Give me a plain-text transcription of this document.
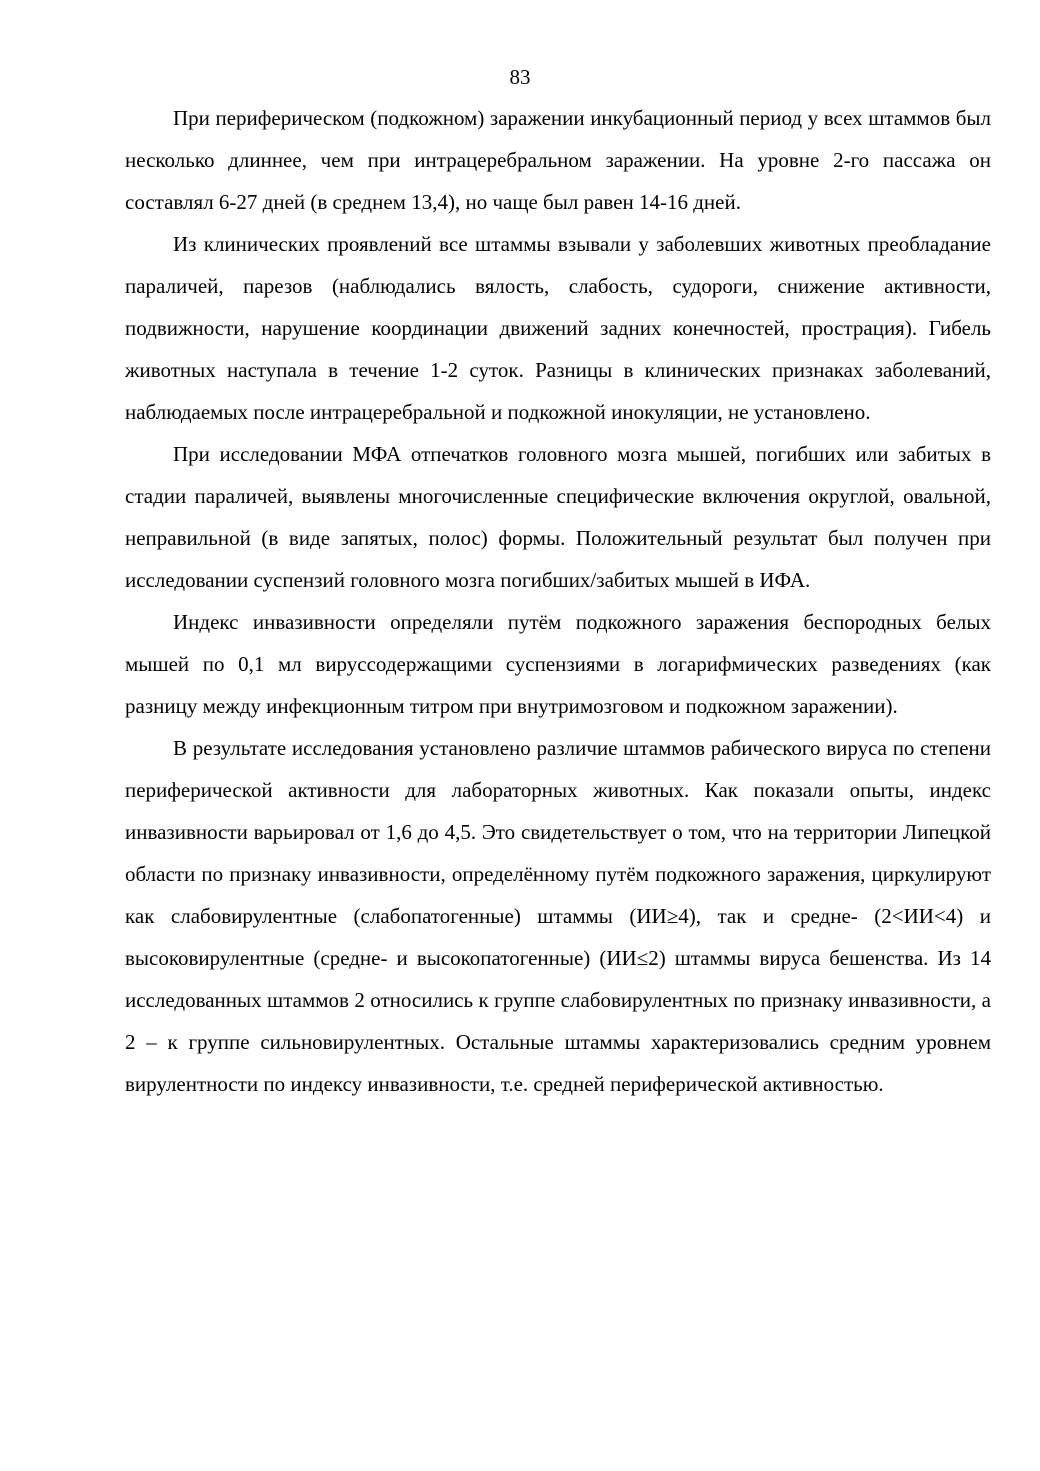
83

При периферическом (подкожном) заражении инкубационный период у всех штаммов был несколько длиннее, чем при интрацеребральном заражении. На уровне 2-го пассажа он составлял 6-27 дней (в среднем 13,4), но чаще был равен 14-16 дней.

Из клинических проявлений все штаммы взывали у заболевших животных преобладание параличей, парезов (наблюдались вялость, слабость, судороги, снижение активности, подвижности, нарушение координации движений задних конечностей, прострация). Гибель животных наступала в течение 1-2 суток. Разницы в клинических признаках заболеваний, наблюдаемых после интрацеребральной и подкожной инокуляции, не установлено.

При исследовании МФА отпечатков головного мозга мышей, погибших или забитых в стадии параличей, выявлены многочисленные специфические включения округлой, овальной, неправильной (в виде запятых, полос) формы. Положительный результат был получен при исследовании суспензий головного мозга погибших/забитых мышей в ИФА.

Индекс инвазивности определяли путём подкожного заражения беспородных белых мышей по 0,1 мл вируссодержащими суспензиями в логарифмических разведениях (как разницу между инфекционным титром при внутримозговом и подкожном заражении).

В результате исследования установлено различие штаммов рабического вируса по степени периферической активности для лабораторных животных. Как показали опыты, индекс инвазивности варьировал от 1,6 до 4,5. Это свидетельствует о том, что на территории Липецкой области по признаку инвазивности, определённому путём подкожного заражения, циркулируют как слабовирулентные (слабопатогенные) штаммы (ИИ≥4), так и средне- (2<ИИ<4) и высоковирулентные (средне- и высокопатогенные) (ИИ≤2) штаммы вируса бешенства. Из 14 исследованных штаммов 2 относились к группе слабовирулентных по признаку инвазивности, а 2 – к группе сильновирулентных. Остальные штаммы характеризовались средним уровнем вирулентности по индексу инвазивности, т.е. средней периферической активностью.
